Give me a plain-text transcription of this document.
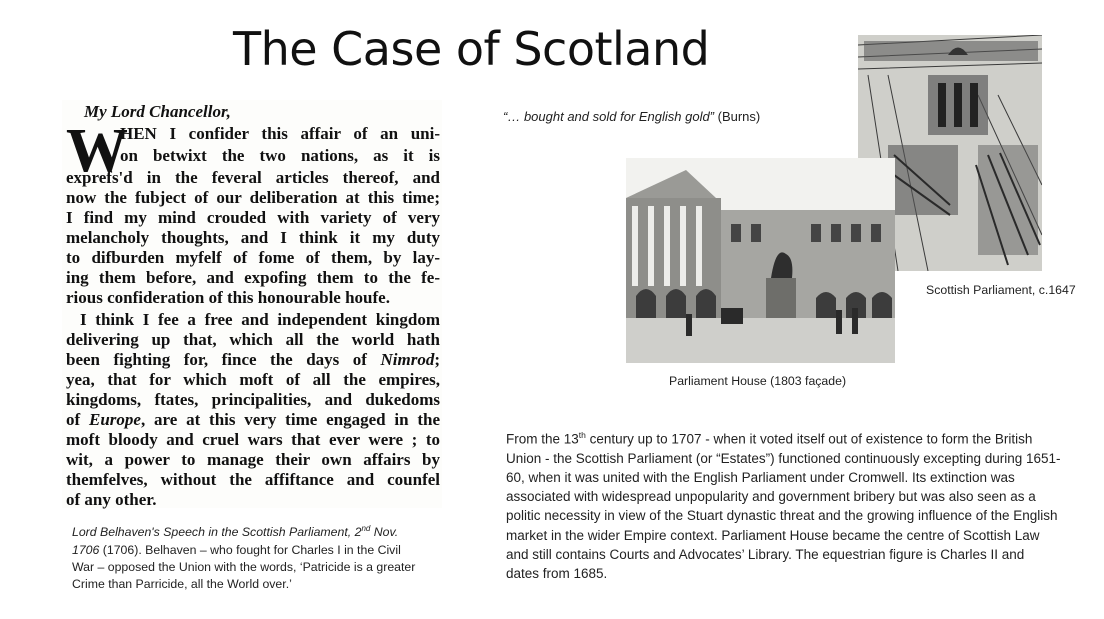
The Case of Scotland
My Lord Chancellor,
W
HEN I confider this affair of an uni-
on betwixt the two nations, as it is
exprefs'd in the feveral articles thereof, and
now the fubject of our deliberation at this time;
I find my mind crouded with variety of very
melancholy thoughts, and I think it my duty
to difburden myfelf of fome of them, by lay-
ing them before, and expofing them to the fe-
rious confideration of this honourable houfe.
I think I fee a free and independent kingdom
delivering up that, which all the world hath
been fighting for, fince the days of Nimrod;
yea, that for which moft of all the empires,
kingdoms, ftates, principalities, and dukedoms
of Europe, are at this very time engaged in the
moft bloody and cruel wars that ever were ; to
wit, a power to manage their own affairs by
themfelves, without the affiftance and counfel
of any other.
Lord Belhaven's Speech in the Scottish Parliament, 2nd Nov. 1706 (1706). Belhaven – who fought for Charles I in the Civil War – opposed the Union with the words, ‘Patricide is a greater Crime than Parricide, all the World over.’
“… bought and sold for English gold” (Burns)
Scottish Parliament, c.1647
Parliament House (1803 façade)
From the 13th century up to 1707 - when it voted itself out of existence to form the British Union - the Scottish Parliament (or “Estates”) functioned continuously excepting during 1651-60, when it was united with the English Parliament under Cromwell. Its extinction was associated with widespread unpopularity and government bribery but was also seen as a politic necessity in view of the Stuart dynastic threat and the growing influence of the English market in the wider Empire context. Parliament House became the centre of Scottish Law and still contains Courts and Advocates’ Library. The equestrian figure is Charles II and dates from 1685.
